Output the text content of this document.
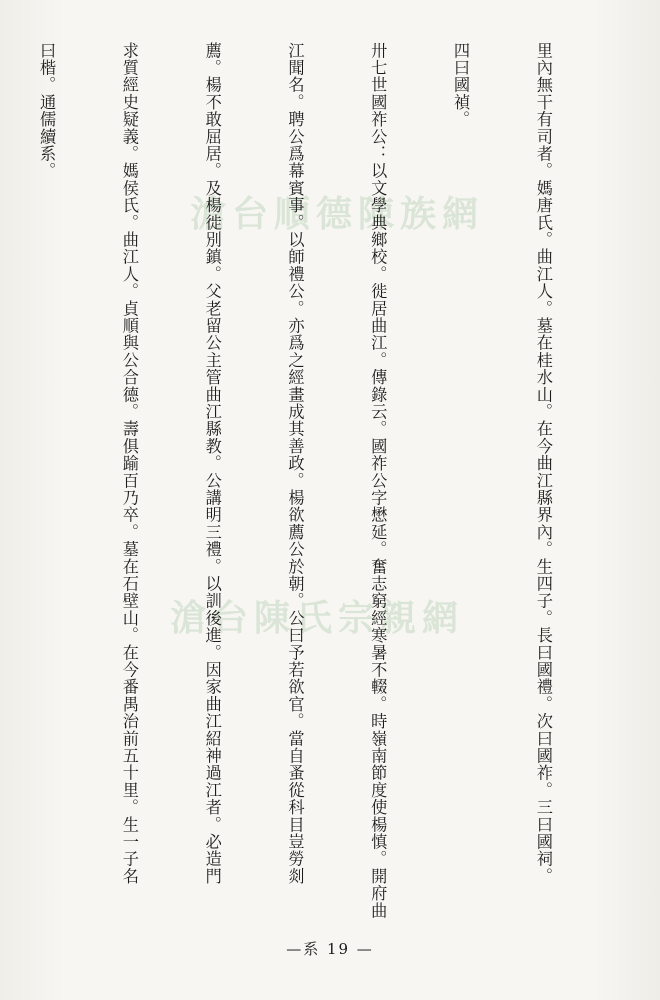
滄台順德陳族網
滄台陳氏宗親網

	里內無干有司者。媽唐氏。曲江人。墓在桂水山。在今曲江縣界內。生四子。長曰國禮。次曰國祚。三曰國祠。

四曰國禎。

卅七世國祚公：以文學典鄉校。徙居曲江。傳錄云。國祚公字懋延。奮志窮經寒暑不輟。時嶺南節度使楊慎。開府曲

江聞名。聘公爲幕賓事。以師禮公。亦爲之經畫成其善政。楊欲薦公於朝。公曰予若欲官。當自蚤從科目豈勞剡

薦。楊不敢屈居。及楊徙別鎮。父老留公主管曲江縣教。公講明三禮。以訓後進。因家曲江紹神過江者。必造門

求質經史疑義。媽侯氏。曲江人。貞順與公合德。壽俱踰百乃卒。墓在石壁山。在今番禺治前五十里。生一子名

曰楷。通儒續系。

—系 19 —
